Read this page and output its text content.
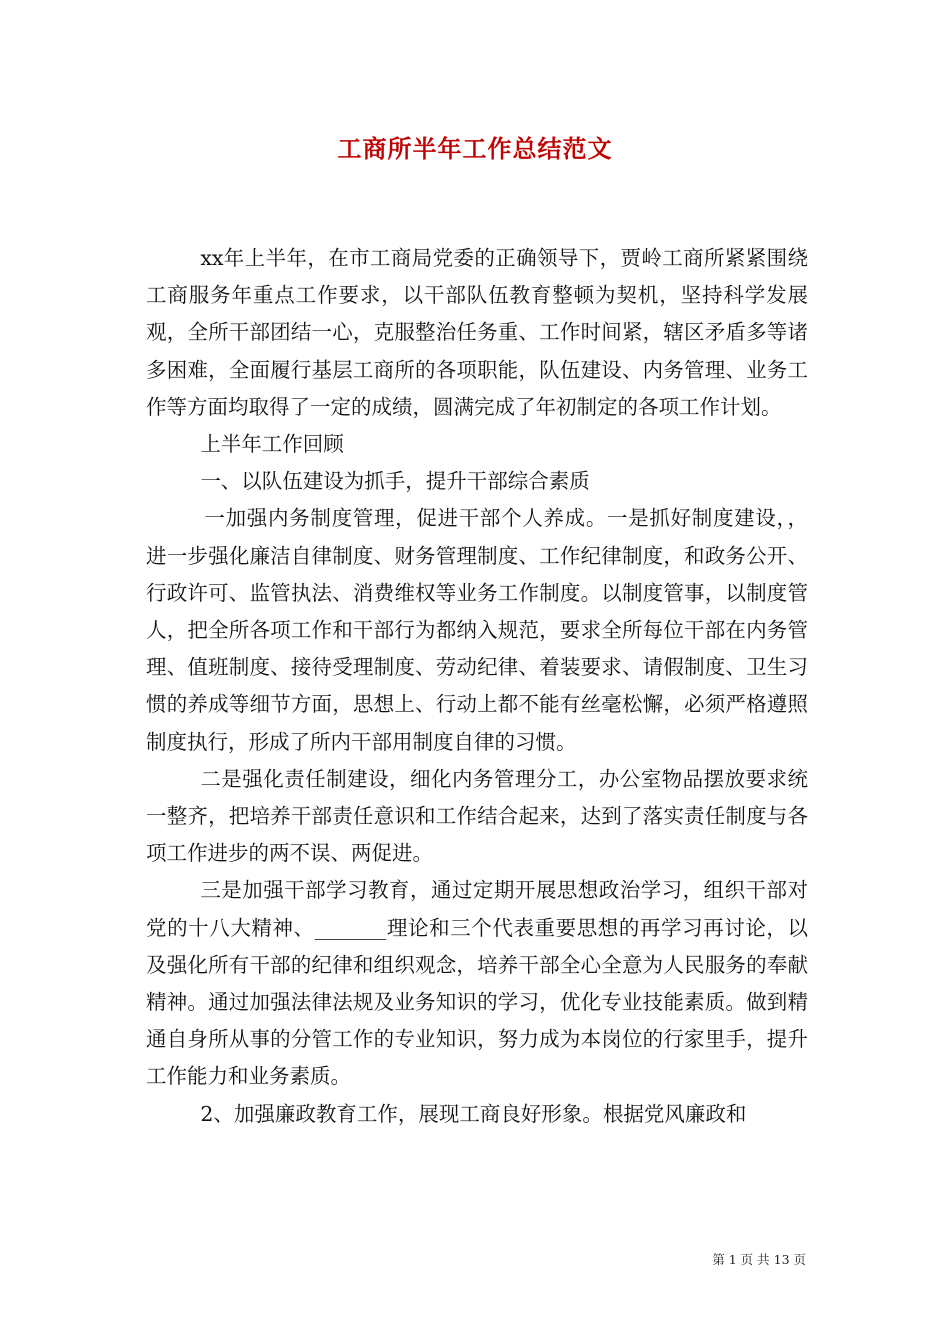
工商所半年工作总结范文

xx年上半年，在市工商局党委的正确领导下，贾岭工商所紧紧围绕工商服务年重点工作要求，以干部队伍教育整顿为契机，坚持科学发展观，全所干部团结一心，克服整治任务重、工作时间紧，辖区矛盾多等诸多困难，全面履行基层工商所的各项职能，队伍建设、内务管理、业务工作等方面均取得了一定的成绩，圆满完成了年初制定的各项工作计划。

上半年工作回顾

一、以队伍建设为抓手，提升干部综合素质

一加强内务制度管理，促进干部个人养成。一是抓好制度建设，，进一步强化廉洁自律制度、财务管理制度、工作纪律制度，和政务公开、行政许可、监管执法、消费维权等业务工作制度。以制度管事，以制度管人，把全所各项工作和干部行为都纳入规范，要求全所每位干部在内务管理、值班制度、接待受理制度、劳动纪律、着装要求、请假制度、卫生习惯的养成等细节方面，思想上、行动上都不能有丝毫松懈，必须严格遵照制度执行，形成了所内干部用制度自律的习惯。

二是强化责任制建设，细化内务管理分工，办公室物品摆放要求统一整齐，把培养干部责任意识和工作结合起来，达到了落实责任制度与各项工作进步的两不误、两促进。

三是加强干部学习教育，通过定期开展思想政治学习，组织干部对党的十八大精神、_______理论和三个代表重要思想的再学习再讨论，以及强化所有干部的纪律和组织观念，培养干部全心全意为人民服务的奉献精神。通过加强法律法规及业务知识的学习，优化专业技能素质。做到精通自身所从事的分管工作的专业知识，努力成为本岗位的行家里手，提升工作能力和业务素质。

2、加强廉政教育工作，展现工商良好形象。根据党风廉政和

第 1 页 共 13 页
